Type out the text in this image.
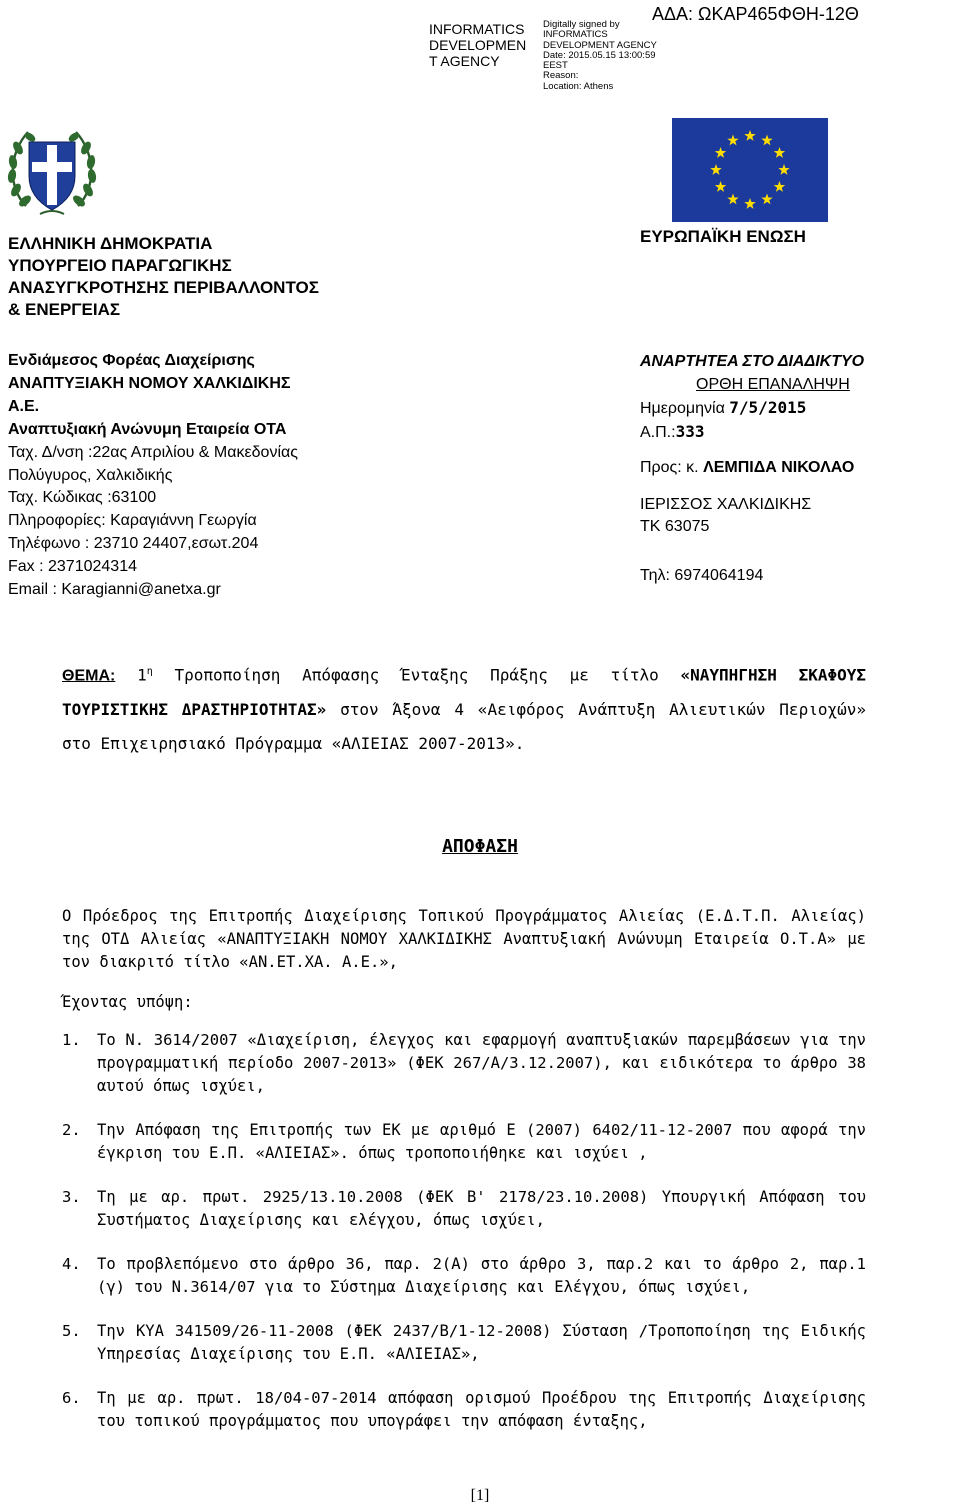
INFORMATICS
DEVELOPMEN
T AGENCY
Digitally signed by
INFORMATICS
DEVELOPMENT AGENCY
Date: 2015.05.15 13:00:59
EEST
Reason:
Location: Athens
ΑΔΑ: ΩΚΑΡ465ΦΘΗ-12Θ
ΕΥΡΩΠΑΪΚΗ ΕΝΩΣΗ
ΕΛΛΗΝΙΚΗ ΔΗΜΟΚΡΑΤΙΑ
ΥΠΟΥΡΓΕΙΟ ΠΑΡΑΓΩΓΙΚΗΣ
ΑΝΑΣΥΓΚΡΟΤΗΣΗΣ ΠΕΡΙΒΑΛΛΟΝΤΟΣ
& ΕΝΕΡΓΕΙΑΣ
Ενδιάμεσος Φορέας Διαχείρισης
ΑΝΑΠΤΥΞΙΑΚΗ ΝΟΜΟΥ ΧΑΛΚΙΔΙΚΗΣ
Α.Ε.
Αναπτυξιακή Ανώνυμη Εταιρεία ΟΤΑ
Ταχ. Δ/νση :22ας Απριλίου & Μακεδονίας
Πολύγυρος, Χαλκιδικής
Ταχ. Κώδικας :63100
Πληροφορίες: Καραγιάννη Γεωργία
Τηλέφωνο : 23710 24407,εσωτ.204
Fax : 2371024314
Email : Karagianni@anetxa.gr
ΑΝΑΡΤΗΤΕΑ ΣΤΟ ΔΙΑΔΙΚΤΥΟ
ΟΡΘΗ ΕΠΑΝΑΛΗΨΗ
Ημερομηνία 7/5/2015
Α.Π.:333
Προς: κ. ΛΕΜΠΙΔΑ ΝΙΚΟΛΑΟ
ΙΕΡΙΣΣΟΣ ΧΑΛΚΙΔΙΚΗΣ
ΤΚ 63075
Τηλ: 6974064194
ΘΕΜΑ: $1^\eta$ Τροποποίηση Απόφασης Ένταξης Πράξης με τίτλο «ΝΑΥΠΗΓΗΣΗ ΣΚΑΦΟΥΣ ΤΟΥΡΙΣΤΙΚΗΣ ΔΡΑΣΤΗΡΙΟΤΗΤΑΣ» στον Άξονα 4 «Αειφόρος Ανάπτυξη Αλιευτικών Περιοχών» στο Επιχειρησιακό Πρόγραμμα «ΑΛΙΕΙΑΣ 2007-2013».
ΑΠΟΦΑΣΗ
Ο Πρόεδρος της Επιτροπής Διαχείρισης Τοπικού Προγράμματος Αλιείας (Ε.Δ.Τ.Π. Αλιείας) της ΟΤΔ Αλιείας «ΑΝΑΠΤΥΞΙΑΚΗ ΝΟΜΟΥ ΧΑΛΚΙΔΙΚΗΣ Αναπτυξιακή Ανώνυμη Εταιρεία Ο.Τ.Α» με τον διακριτό τίτλο «ΑΝ.ΕΤ.ΧΑ. Α.Ε.»,
Έχοντας υπόψη:
1.	Το Ν. 3614/2007 «Διαχείριση, έλεγχος και εφαρμογή αναπτυξιακών παρεμβάσεων για την προγραμματική περίοδο 2007-2013» (ΦΕΚ 267/Α/3.12.2007), και ειδικότερα το άρθρο 38 αυτού όπως ισχύει,
2.	Την Απόφαση της Επιτροπής των ΕΚ με αριθμό Ε (2007) 6402/11-12-2007 που αφορά την έγκριση του Ε.Π. «ΑΛΙΕΙΑΣ». όπως τροποποιήθηκε και ισχύει ,
3.	Τη με αρ. πρωτ. 2925/13.10.2008 (ΦΕΚ Β' 2178/23.10.2008) Υπουργική Απόφαση του Συστήματος Διαχείρισης και ελέγχου, όπως ισχύει,
4.	Το προβλεπόμενο στο άρθρο 36, παρ. 2(Α) στο άρθρο 3, παρ.2 και το άρθρο 2, παρ.1 (γ) του Ν.3614/07 για το Σύστημα Διαχείρισης και Ελέγχου, όπως ισχύει,
5.	Την ΚΥΑ 341509/26-11-2008 (ΦΕΚ 2437/Β/1-12-2008) Σύσταση /Τροποποίηση της Ειδικής Υπηρεσίας Διαχείρισης του Ε.Π. «ΑΛΙΕΙΑΣ»,
6.	Τη με αρ. πρωτ. 18/04-07-2014 απόφαση ορισμού Προέδρου της Επιτροπής Διαχείρισης του τοπικού προγράμματος που υπογράφει την απόφαση ένταξης,
[1]
